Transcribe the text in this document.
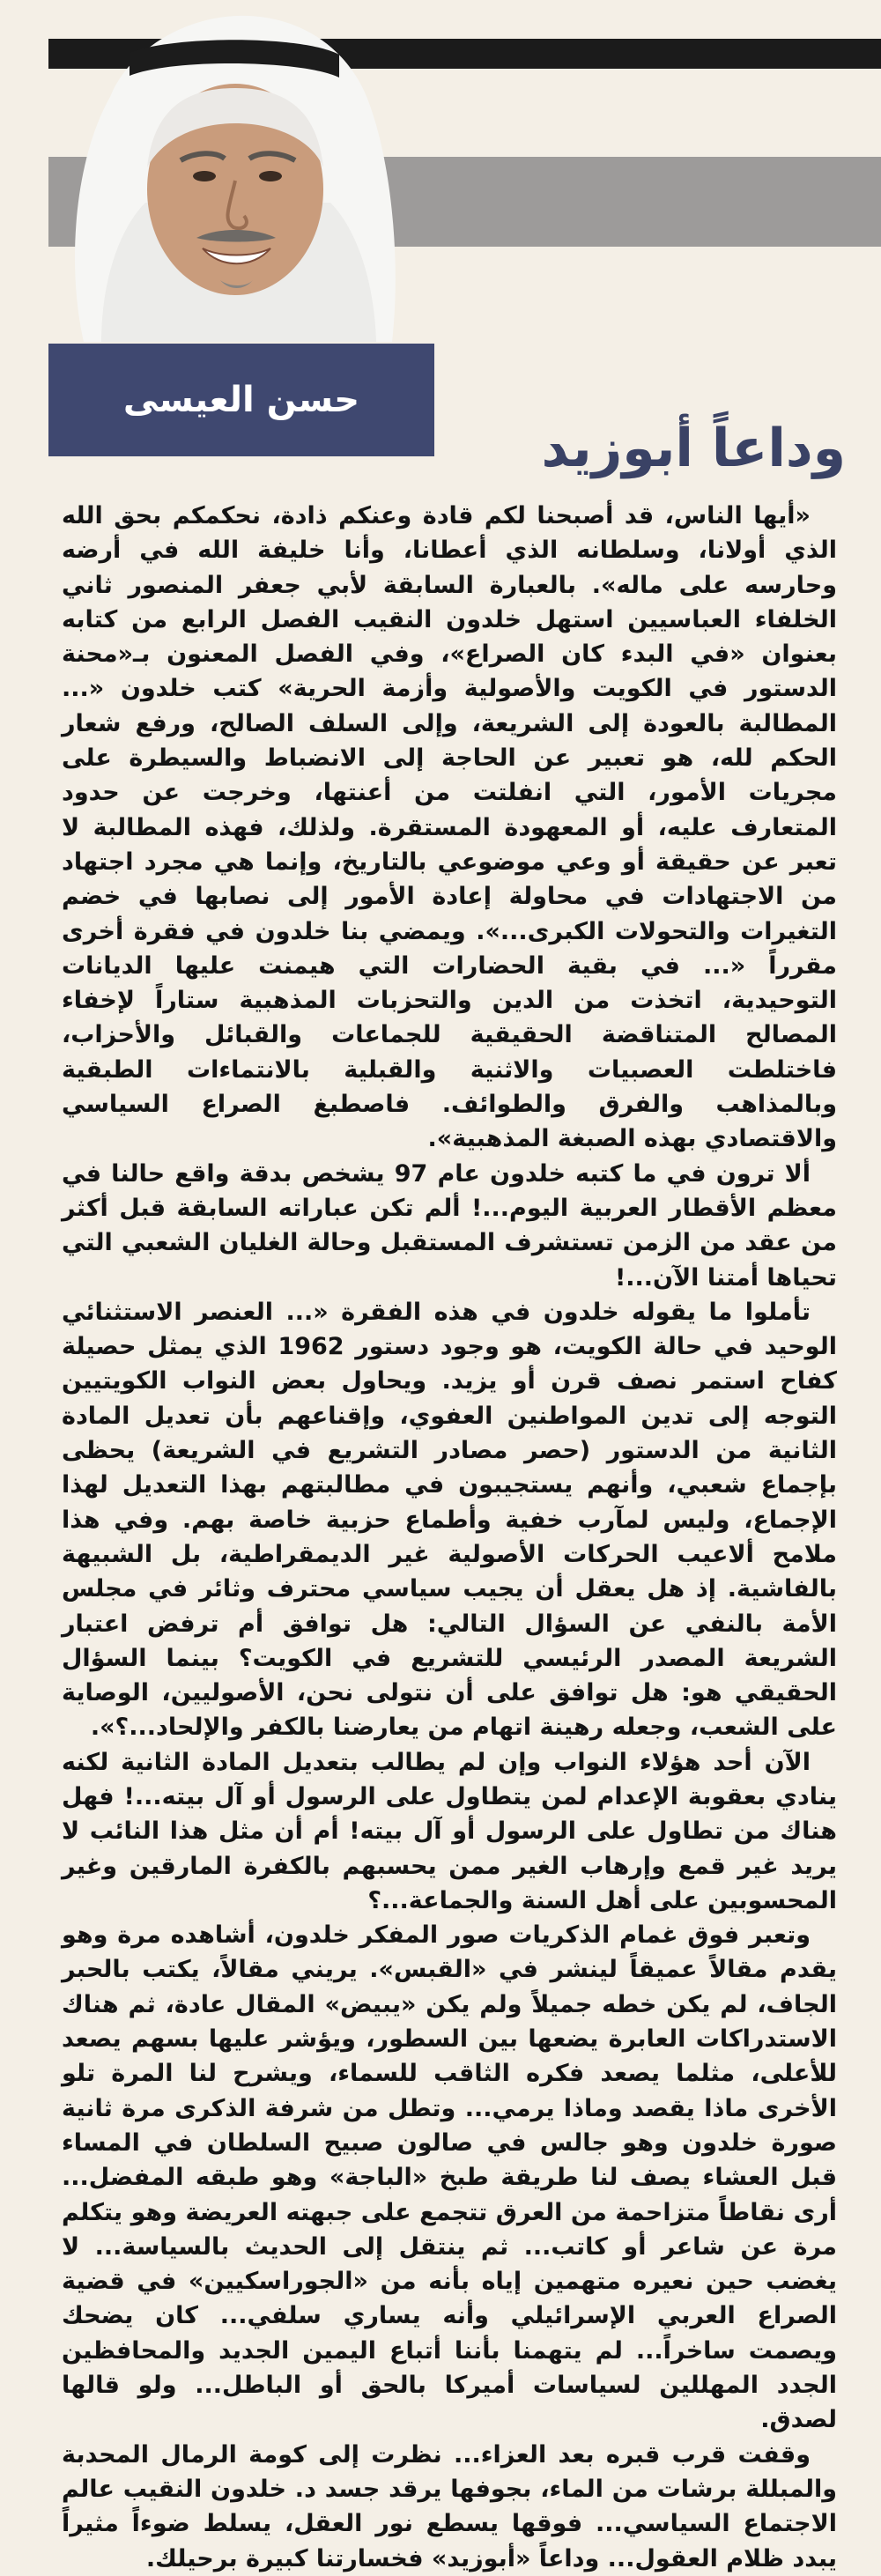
حسن العيسى
وداعاً أبوزيد

«أيها الناس، قد أصبحنا لكم قادة وعنكم ذادة، نحكمكم بحق الله الذي أولانا، وسلطانه الذي أعطانا، وأنا خليفة الله في أرضه وحارسه على ماله». بالعبارة السابقة لأبي جعفر المنصور ثاني الخلفاء العباسيين استهل خلدون النقيب الفصل الرابع من كتابه بعنوان «في البدء كان الصراع»، وفي الفصل المعنون بـ«محنة الدستور في الكويت والأصولية وأزمة الحرية» كتب خلدون «... المطالبة بالعودة إلى الشريعة، وإلى السلف الصالح، ورفع شعار الحكم لله، هو تعبير عن الحاجة إلى الانضباط والسيطرة على مجريات الأمور، التي انفلتت من أعنتها، وخرجت عن حدود المتعارف عليه، أو المعهودة المستقرة. ولذلك، فهذه المطالبة لا تعبر عن حقيقة أو وعي موضوعي بالتاريخ، وإنما هي مجرد اجتهاد من الاجتهادات في محاولة إعادة الأمور إلى نصابها في خضم التغيرات والتحولات الكبرى...». ويمضي بنا خلدون في فقرة أخرى مقرراً «... في بقية الحضارات التي هيمنت عليها الديانات التوحيدية، اتخذت من الدين والتحزبات المذهبية ستاراً لإخفاء المصالح المتناقضة الحقيقية للجماعات والقبائل والأحزاب، فاختلطت العصبيات والاثنية والقبلية بالانتماءات الطبقية وبالمذاهب والفرق والطوائف. فاصطبغ الصراع السياسي والاقتصادي بهذه الصبغة المذهبية».

ألا ترون في ما كتبه خلدون عام 97 يشخص بدقة واقع حالنا في معظم الأقطار العربية اليوم...! ألم تكن عباراته السابقة قبل أكثر من عقد من الزمن تستشرف المستقبل وحالة الغليان الشعبي التي تحياها أمتنا الآن...!

تأملوا ما يقوله خلدون في هذه الفقرة «... العنصر الاستثنائي الوحيد في حالة الكويت، هو وجود دستور 1962 الذي يمثل حصيلة كفاح استمر نصف قرن أو يزيد. ويحاول بعض النواب الكويتيين التوجه إلى تدين المواطنين العفوي، وإقناعهم بأن تعديل المادة الثانية من الدستور (حصر مصادر التشريع في الشريعة) يحظى بإجماع شعبي، وأنهم يستجيبون في مطالبتهم بهذا التعديل لهذا الإجماع، وليس لمآرب خفية وأطماع حزبية خاصة بهم. وفي هذا ملامح ألاعيب الحركات الأصولية غير الديمقراطية، بل الشبيهة بالفاشية. إذ هل يعقل أن يجيب سياسي محترف وثائر في مجلس الأمة بالنفي عن السؤال التالي: هل توافق أم ترفض اعتبار الشريعة المصدر الرئيسي للتشريع في الكويت؟ بينما السؤال الحقيقي هو: هل توافق على أن نتولى نحن، الأصوليين، الوصاية على الشعب، وجعله رهينة اتهام من يعارضنا بالكفر والإلحاد...؟».

الآن أحد هؤلاء النواب وإن لم يطالب بتعديل المادة الثانية لكنه ينادي بعقوبة الإعدام لمن يتطاول على الرسول أو آل بيته...! فهل هناك من تطاول على الرسول أو آل بيته! أم أن مثل هذا النائب لا يريد غير قمع وإرهاب الغير ممن يحسبهم بالكفرة المارقين وغير المحسوبين على أهل السنة والجماعة...؟

وتعبر فوق غمام الذكريات صور المفكر خلدون، أشاهده مرة وهو يقدم مقالاً عميقاً لينشر في «القبس». يريني مقالاً، يكتب بالحبر الجاف، لم يكن خطه جميلاً ولم يكن «يبيض» المقال عادة، ثم هناك الاستدراكات العابرة يضعها بين السطور، ويؤشر عليها بسهم يصعد للأعلى، مثلما يصعد فكره الثاقب للسماء، ويشرح لنا المرة تلو الأخرى ماذا يقصد وماذا يرمي... وتطل من شرفة الذكرى مرة ثانية صورة خلدون وهو جالس في صالون صبيح السلطان في المساء قبل العشاء يصف لنا طريقة طبخ «الباجة» وهو طبقه المفضل... أرى نقاطاً متزاحمة من العرق تتجمع على جبهته العريضة وهو يتكلم مرة عن شاعر أو كاتب... ثم ينتقل إلى الحديث بالسياسة... لا يغضب حين نعيره متهمين إياه بأنه من «الجوراسكيين» في قضية الصراع العربي الإسرائيلي وأنه يساري سلفي... كان يضحك ويصمت ساخراً... لم يتهمنا بأننا أتباع اليمين الجديد والمحافظين الجدد المهللين لسياسات أميركا بالحق أو الباطل... ولو قالها لصدق.

وقفت قرب قبره بعد العزاء... نظرت إلى كومة الرمال المحدبة والمبللة برشات من الماء، بجوفها يرقد جسد د. خلدون النقيب عالم الاجتماع السياسي... فوقها يسطع نور العقل، يسلط ضوءاً مثيراً يبدد ظلام العقول... وداعاً «أبوزيد» فخسارتنا كبيرة برحيلك.
